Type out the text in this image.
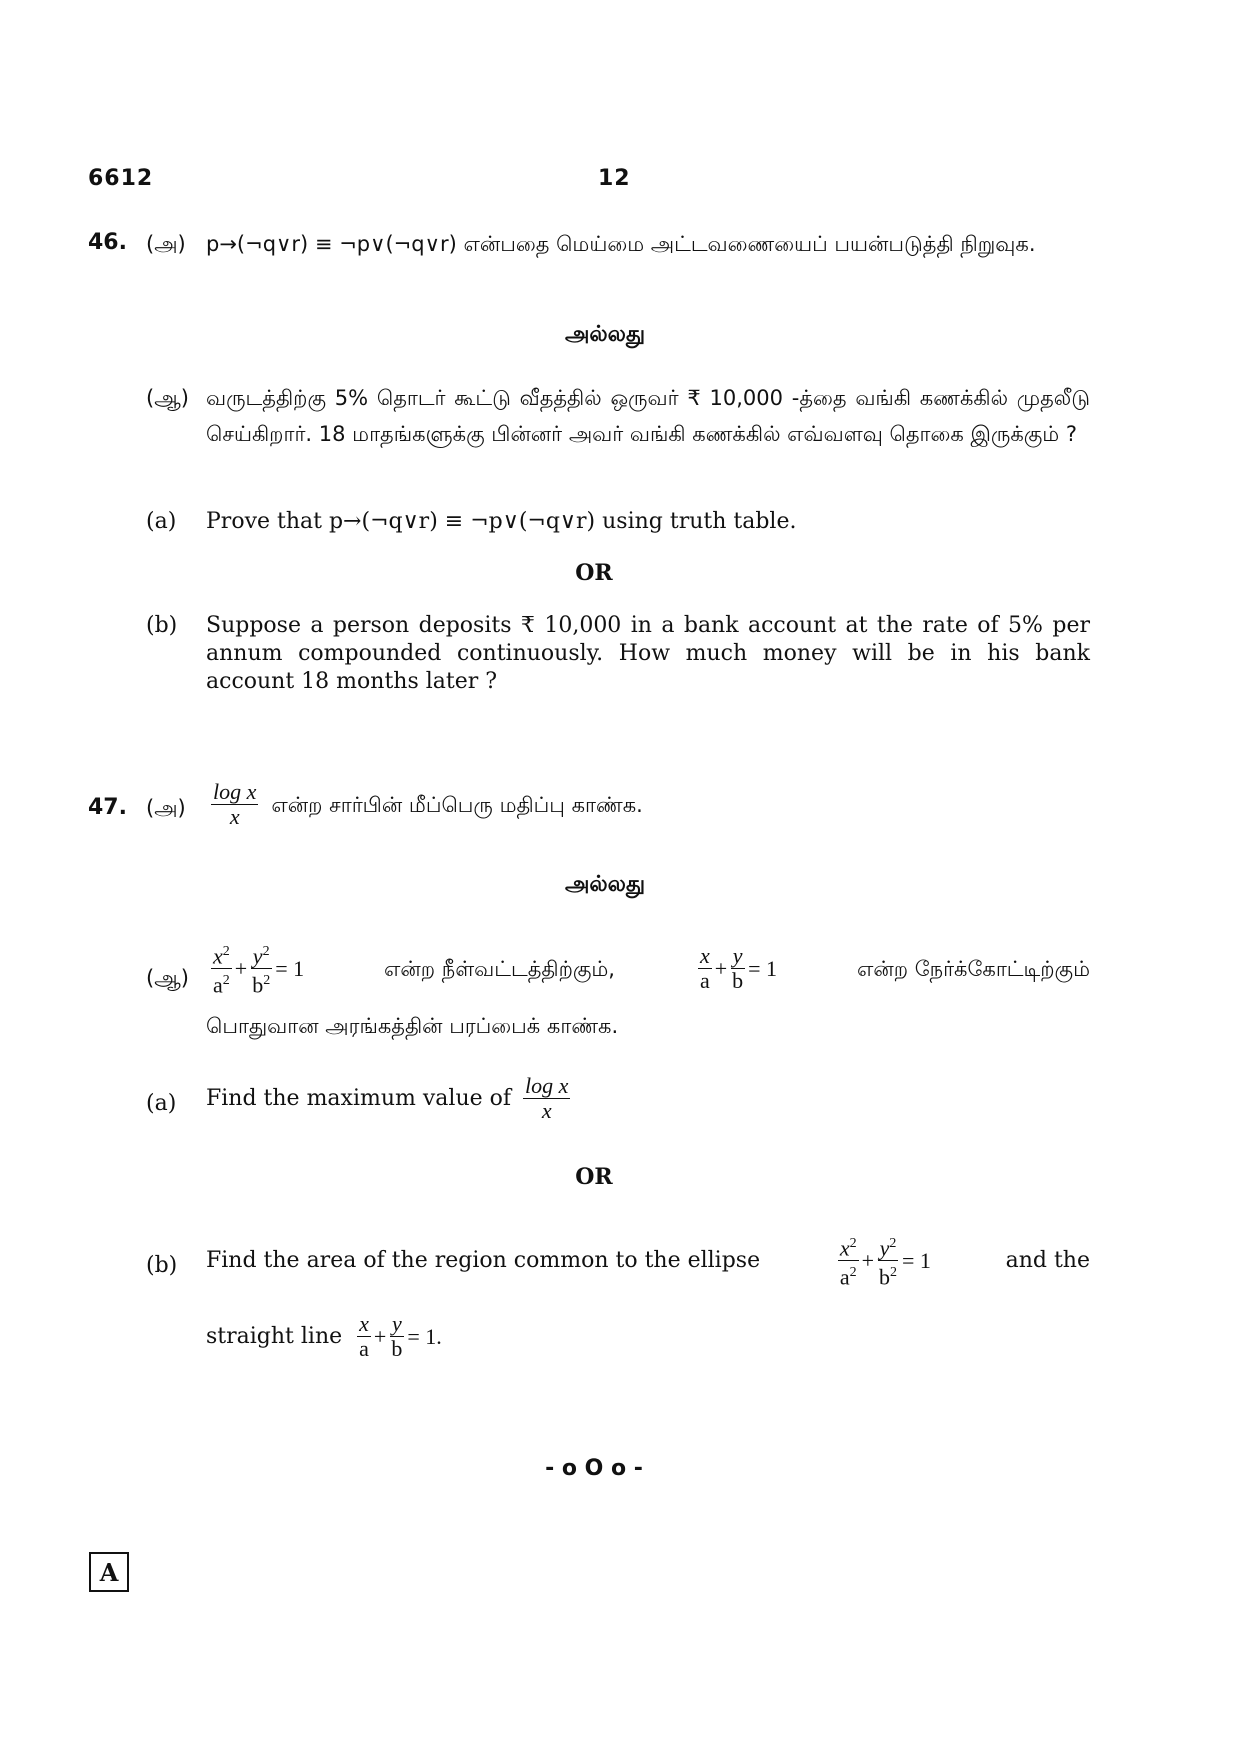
6612	12
46. (அ) p→(¬q∨r) ≡ ¬p∨(¬q∨r) என்பதை மெய்மை அட்டவணையைப் பயன்படுத்தி நிறுவுக.
அல்லது
(ஆ) வருடத்திற்கு 5% தொடர் கூட்டு வீதத்தில் ஒருவர் ₹ 10,000 -த்தை வங்கி கணக்கில் முதலீடு செய்கிறார். 18 மாதங்களுக்கு பின்னர் அவர் வங்கி கணக்கில் எவ்வளவு தொகை இருக்கும் ?
(a) Prove that p→(¬q∨r) ≡ ¬p∨(¬q∨r) using truth table.
OR
(b) Suppose a person deposits ₹ 10,000 in a bank account at the rate of 5% per annum compounded continuously. How much money will be in his bank account 18 months later ?
47. (அ) $\frac{\text{log x}}{x}$ என்ற சார்பின் மீப்பெரு மதிப்பு காண்க.
அல்லது
(ஆ) $\frac{x^2}{a^2} + \frac{y^2}{b^2} = 1$	என்ற நீள்வட்டத்திற்கும்,	$\frac{x}{a} + \frac{y}{b} = 1$	என்ற நேர்க்கோட்டிற்கும்
பொதுவான அரங்கத்தின் பரப்பைக் காண்க.
(a) Find the maximum value of $\frac{\text{log x}}{x}$
OR
(b) Find the area of the region common to the ellipse	$\frac{x^2}{a^2} + \frac{y^2}{b^2} = 1$	and the
straight line $\frac{x}{a} + \frac{y}{b} = 1$ .
- o O o -
A
